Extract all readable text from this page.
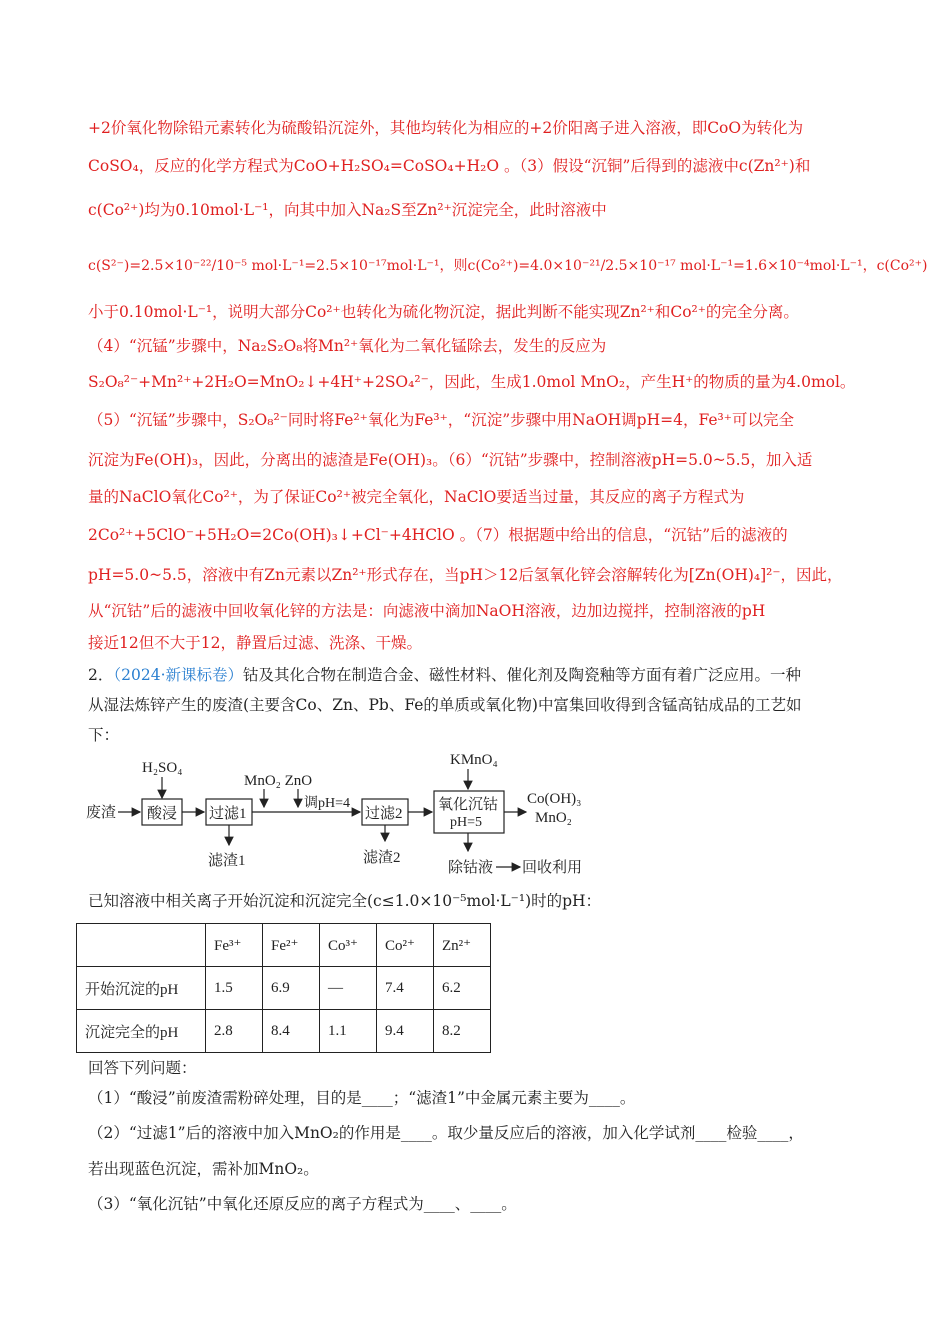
+2价氧化物除铅元素转化为硫酸铅沉淀外，其他均转化为相应的+2价阳离子进入溶液，即CoO为转化为
CoSO₄，反应的化学方程式为CoO+H₂SO₄=CoSO₄+H₂O 。（3）假设“沉铜”后得到的滤液中c(Zn²⁺)和
c(Co²⁺)均为0.10mol·L⁻¹，向其中加入Na₂S至Zn²⁺沉淀完全，此时溶液中
c(S²⁻)=2.5×10⁻²²/10⁻⁵ mol·L⁻¹=2.5×10⁻¹⁷mol·L⁻¹，则c(Co²⁺)=4.0×10⁻²¹/2.5×10⁻¹⁷ mol·L⁻¹=1.6×10⁻⁴mol·L⁻¹，c(Co²⁺)
小于0.10mol·L⁻¹，说明大部分Co²⁺也转化为硫化物沉淀，据此判断不能实现Zn²⁺和Co²⁺的完全分离。
（4）“沉锰”步骤中，Na₂S₂O₈将Mn²⁺氧化为二氧化锰除去，发生的反应为
S₂O₈²⁻+Mn²⁺+2H₂O=MnO₂↓+4H⁺+2SO₄²⁻，因此，生成1.0mol MnO₂，产生H⁺的物质的量为4.0mol。
（5）“沉锰”步骤中，S₂O₈²⁻同时将Fe²⁺氧化为Fe³⁺，“沉淀”步骤中用NaOH调pH=4，Fe³⁺可以完全
沉淀为Fe(OH)₃，因此，分离出的滤渣是Fe(OH)₃。（6）“沉钴”步骤中，控制溶液pH=5.0~5.5，加入适
量的NaClO氧化Co²⁺，为了保证Co²⁺被完全氧化，NaClO要适当过量，其反应的离子方程式为
2Co²⁺+5ClO⁻+5H₂O=2Co(OH)₃↓+Cl⁻+4HClO 。（7）根据题中给出的信息，“沉钴”后的滤液的
pH=5.0~5.5，溶液中有Zn元素以Zn²⁺形式存在，当pH＞12后氢氧化锌会溶解转化为[Zn(OH)₄]²⁻，因此，
从“沉钴”后的滤液中回收氧化锌的方法是：向滤液中滴加NaOH溶液，边加边搅拌，控制溶液的pH
接近12但不大于12，静置后过滤、洗涤、干燥。
2．（2024·新课标卷）钴及其化合物在制造合金、磁性材料、催化剂及陶瓷釉等方面有着广泛应用。一种
从湿法炼锌产生的废渣(主要含Co、Zn、Pb、Fe的单质或氧化物)中富集回收得到含锰高钴成品的工艺如
下：
H₂SO₄
废渣 酸浸 过滤1
滤渣1
MnO₂ ZnO
调pH=4
过滤2
滤渣2
KMnO₄
氧化沉钴
pH=5
Co(OH)₃
MnO₂
除钴液 回收利用
已知溶液中相关离子开始沉淀和沉淀完全(c≤1.0×10⁻⁵mol·L⁻¹)时的pH：
	Fe³⁺	Fe²⁺	Co³⁺	Co²⁺	Zn²⁺
开始沉淀的pH	1.5	6.9	—	7.4	6.2
沉淀完全的pH	2.8	8.4	1.1	9.4	8.2
回答下列问题：
（1）“酸浸”前废渣需粉碎处理，目的是____；“滤渣1”中金属元素主要为____。
（2）“过滤1”后的溶液中加入MnO₂的作用是____。取少量反应后的溶液，加入化学试剂____检验____，
若出现蓝色沉淀，需补加MnO₂。
（3）“氧化沉钴”中氧化还原反应的离子方程式为____、____。
